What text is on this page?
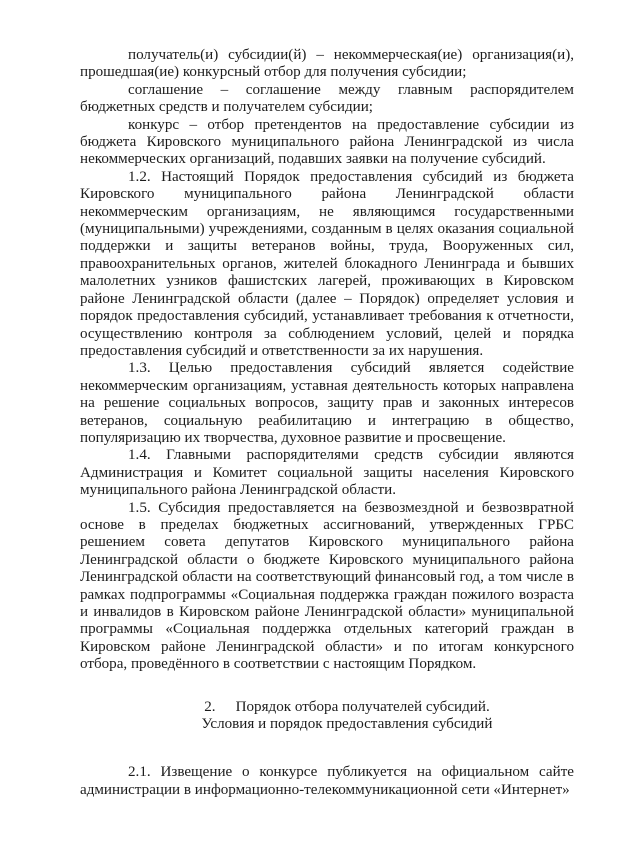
получатель(и) субсидии(й) – некоммерческая(ие) организация(и), прошедшая(ие) конкурсный отбор для получения субсидии;

соглашение – соглашение между главным распорядителем бюджетных средств и получателем субсидии;

конкурс – отбор претендентов на предоставление субсидии из бюджета Кировского муниципального района Ленинградской из числа некоммерческих организаций, подавших заявки на получение субсидий.

1.2. Настоящий Порядок предоставления субсидий из бюджета Кировского муниципального района Ленинградской области некоммерческим организациям, не являющимся государственными (муниципальными) учреждениями, созданным в целях оказания социальной поддержки и защиты ветеранов войны, труда, Вооруженных сил, правоохранительных органов, жителей блокадного Ленинграда и бывших малолетних узников фашистских лагерей, проживающих в Кировском районе Ленинградской области (далее – Порядок) определяет условия и порядок предоставления субсидий, устанавливает требования к отчетности, осуществлению контроля за соблюдением условий, целей и порядка предоставления субсидий и ответственности за их нарушения.

1.3. Целью предоставления субсидий является содействие некоммерческим организациям, уставная деятельность которых направлена на решение социальных вопросов, защиту прав и законных интересов ветеранов, социальную реабилитацию и интеграцию в общество, популяризацию их творчества, духовное развитие и просвещение.

1.4. Главными распорядителями средств субсидии являются Администрация и Комитет социальной защиты населения Кировского муниципального района Ленинградской области.

1.5. Субсидия предоставляется на безвозмездной и безвозвратной основе в пределах бюджетных ассигнований, утвержденных ГРБС решением совета депутатов Кировского муниципального района Ленинградской области о бюджете Кировского муниципального района Ленинградской области на соответствующий финансовый год, а том числе в рамках подпрограммы «Социальная поддержка граждан пожилого возраста и инвалидов в Кировском районе Ленинградской области» муниципальной программы «Социальная поддержка отдельных категорий граждан в Кировском районе Ленинградской области» и по итогам конкурсного отбора, проведённого в соответствии с настоящим Порядком.

2. Порядок отбора получателей субсидий.

Условия и порядок предоставления субсидий

2.1. Извещение о конкурсе публикуется на официальном сайте администрации в информационно-телекоммуникационной сети «Интернет»
